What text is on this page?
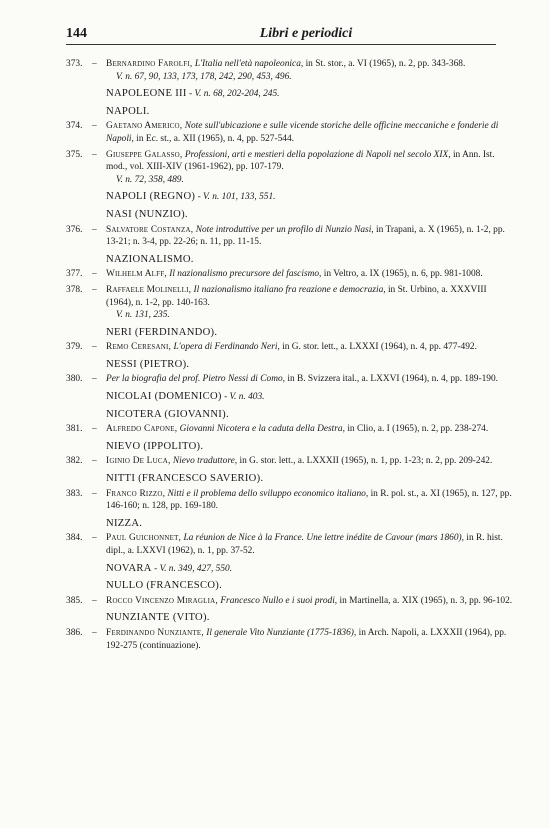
144	Libri e periodici
373. – Bernardino Farolfi, L'Italia nell'età napoleonica, in St. stor., a. VI (1965), n. 2, pp. 343-368.
V. n. 67, 90, 133, 173, 178, 242, 290, 453, 496.
NAPOLEONE III - V. n. 68, 202-204, 245.
NAPOLI.
374. – Gaetano Americo, Note sull'ubicazione e sulle vicende storiche delle officine meccaniche e fonderie di Napoli, in Ec. st., a. XII (1965), n. 4, pp. 527-544.
375. – Giuseppe Galasso, Professioni, arti e mestieri della popolazione di Napoli nel secolo XIX, in Ann. Ist. mod., vol. XIII-XIV (1961-1962), pp. 107-179.
V. n. 72, 358, 489.
NAPOLI (REGNO) - V. n. 101, 133, 551.
NASI (NUNZIO).
376. – Salvatore Costanza, Note introduttive per un profilo di Nunzio Nasi, in Trapani, a. X (1965), n. 1-2, pp. 13-21; n. 3-4, pp. 22-26; n. 11, pp. 11-15.
NAZIONALISMO.
377. – Wilhelm Alff, Il nazionalismo precursore del fascismo, in Veltro, a. IX (1965), n. 6, pp. 981-1008.
378. – Raffaele Molinelli, Il nazionalismo italiano fra reazione e democrazia, in St. Urbino, a. XXXVIII (1964), n. 1-2, pp. 140-163.
V. n. 131, 235.
NERI (FERDINANDO).
379. – Remo Ceresani, L'opera di Ferdinando Neri, in G. stor. lett., a. LXXXI (1964), n. 4, pp. 477-492.
NESSI (PIETRO).
380. – Per la biografia del prof. Pietro Nessi di Como, in B. Svizzera ital., a. LXXVI (1964), n. 4, pp. 189-190.
NICOLAI (DOMENICO) - V. n. 403.
NICOTERA (GIOVANNI).
381. – Alfredo Capone, Giovanni Nicotera e la caduta della Destra, in Clio, a. I (1965), n. 2, pp. 238-274.
NIEVO (IPPOLITO).
382. – Iginio De Luca, Nievo traduttore, in G. stor. lett., a. LXXXII (1965), n. 1, pp. 1-23; n. 2, pp. 209-242.
NITTI (FRANCESCO SAVERIO).
383. – Franco Rizzo, Nitti e il problema dello sviluppo economico italiano, in R. pol. st., a. XI (1965), n. 127, pp. 146-160; n. 128, pp. 169-180.
NIZZA.
384. – Paul Guichonnet, La réunion de Nice à la France. Une lettre inédite de Cavour (mars 1860), in R. hist. dipl., a. LXXVI (1962), n. 1, pp. 37-52.
NOVARA - V. n. 349, 427, 550.
NULLO (FRANCESCO).
385. – Rocco Vincenzo Miraglia, Francesco Nullo e i suoi prodi, in Martinella, a. XIX (1965), n. 3, pp. 96-102.
NUNZIANTE (VITO).
386. – Ferdinando Nunziante, Il generale Vito Nunziante (1775-1836), in Arch. Napoli, a. LXXXII (1964), pp. 192-275 (continuazione).
